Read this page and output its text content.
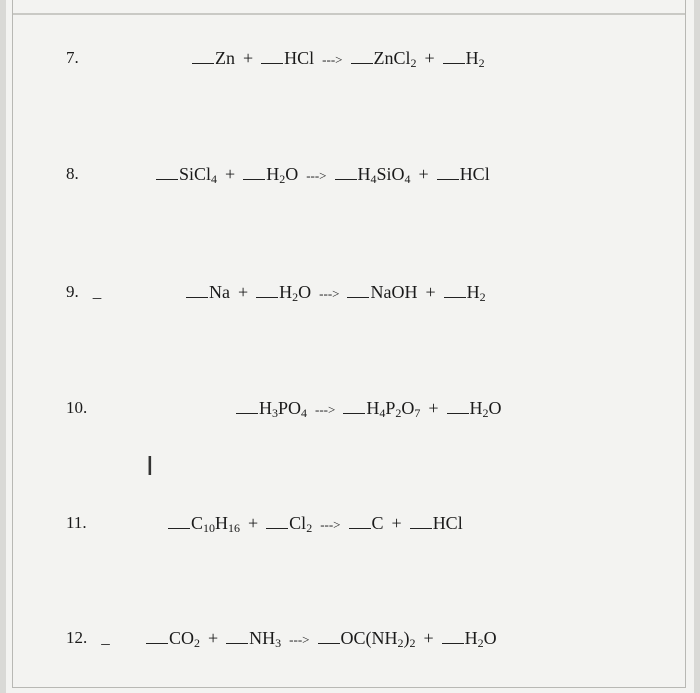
7.	Zn + HCl ---> ZnCl$_2$ + $H_2$
8.	SiCl$_4$ + $H_2O$ ---> $H_4SiO_4$ + HCl
9. _	$Na + H_2O$ ---> NaOH + $H_2$
10.	$H_3PO_4$ ---> $H_4P_2O_7 + H_2O$
11.	$C_{10}H_{16} + Cl_2$ ---> C + HCl
12. _	$CO_2 + NH_3$ ---> $OC(NH_2)_2 + H_2O$
I
